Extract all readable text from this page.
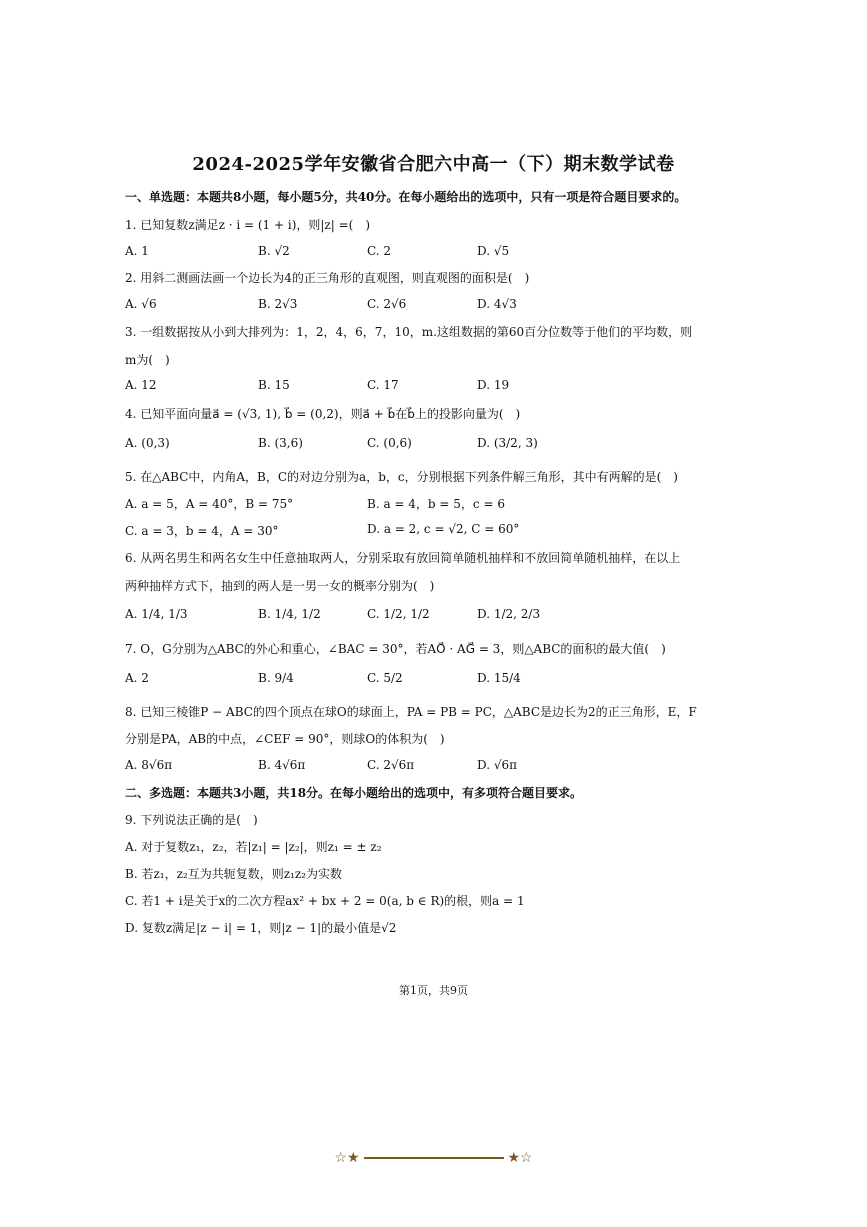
2024-2025学年安徽省合肥六中高一（下）期末数学试卷
一、单选题：本题共8小题，每小题5分，共40分。在每小题给出的选项中，只有一项是符合题目要求的。
1. 已知复数z满足z · i = (1 + i)，则|z| =(　)
A. 1	B. √2	C. 2	D. √5
2. 用斜二测画法画一个边长为4的正三角形的直观图，则直观图的面积是(　)
A. √6	B. 2√3	C. 2√6	D. 4√3
3. 一组数据按从小到大排列为：1，2，4，6，7，10，m.这组数据的第60百分位数等于他们的平均数，则
m为(　)
A. 12	B. 15	C. 17	D. 19
4. 已知平面向量a⃗ = (√3, 1), b⃗ = (0,2)，则a⃗ + b⃗在b⃗上的投影向量为(　)
A. (0,3)	B. (3,6)	C. (0,6)	D. (3/2, 3)
5. 在△ABC中，内角A，B，C的对边分别为a，b，c，分别根据下列条件解三角形，其中有两解的是(　)
A. a = 5，A = 40°，B = 75°	B. a = 4，b = 5，c = 6
C. a = 3，b = 4，A = 30°	D. a = 2, c = √2, C = 60°
6. 从两名男生和两名女生中任意抽取两人，分别采取有放回简单随机抽样和不放回简单随机抽样，在以上
两种抽样方式下，抽到的两人是一男一女的概率分别为(　)
A. 1/4, 1/3	B. 1/4, 1/2	C. 1/2, 1/2	D. 1/2, 2/3
7. O，G分别为△ABC的外心和重心，∠BAC = 30°，若AO⃗ · AG⃗ = 3，则△ABC的面积的最大值(　)
A. 2	B. 9/4	C. 5/2	D. 15/4
8. 已知三棱锥P − ABC的四个顶点在球O的球面上，PA = PB = PC，△ABC是边长为2的正三角形，E，F
分别是PA，AB的中点，∠CEF = 90°，则球O的体积为(　)
A. 8√6π	B. 4√6π	C. 2√6π	D. √6π
二、多选题：本题共3小题，共18分。在每小题给出的选项中，有多项符合题目要求。
9. 下列说法正确的是(　)
A. 对于复数z₁，z₂，若|z₁| = |z₂|，则z₁ = ± z₂
B. 若z₁，z₂互为共轭复数，则z₁z₂为实数
C. 若1 + i是关于x的二次方程ax² + bx + 2 = 0(a, b ∈ R)的根，则a = 1
D. 复数z满足|z − i| = 1，则|z − 1|的最小值是√2
第1页，共9页
☆★	★☆
